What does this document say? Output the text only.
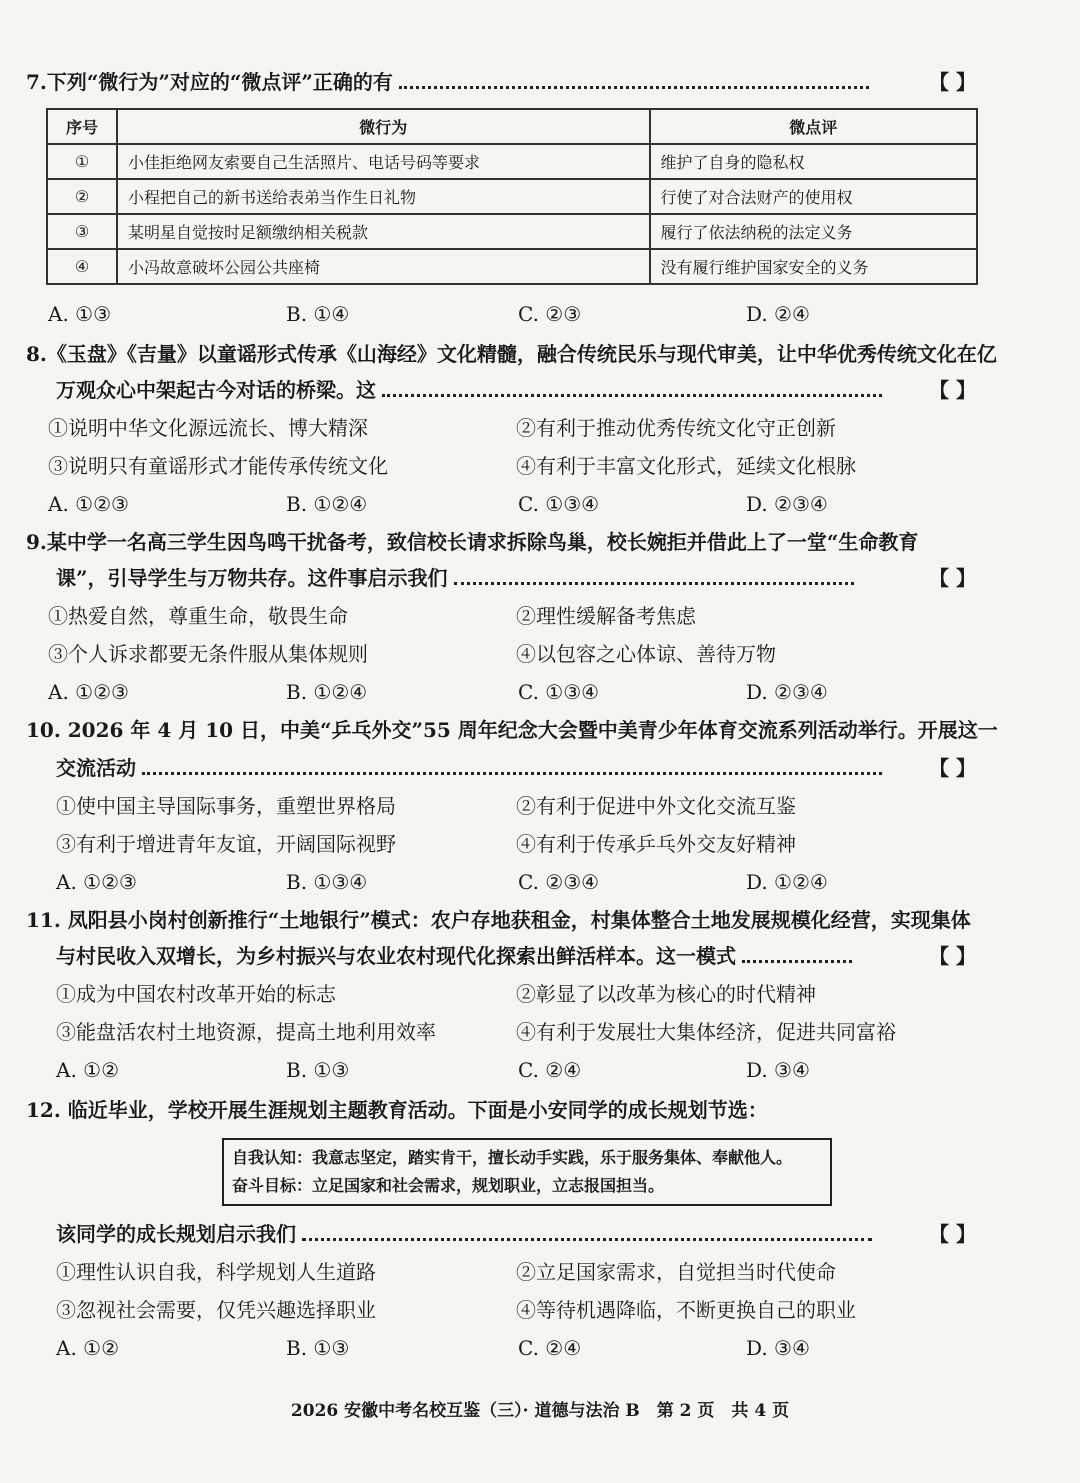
7.下列“微行为”对应的“微点评”正确的有	【 】
序号	微行为	微点评
①	小佳拒绝网友索要自己生活照片、电话号码等要求	维护了自身的隐私权
②	小程把自己的新书送给表弟当作生日礼物	行使了对合法财产的使用权
③	某明星自觉按时足额缴纳相关税款	履行了依法纳税的法定义务
④	小冯故意破坏公园公共座椅	没有履行维护国家安全的义务
A. ①③	B. ①④	C. ②③	D. ②④
8.《玉盘》《吉量》以童谣形式传承《山海经》文化精髓，融合传统民乐与现代审美，让中华优秀传统文化在亿
万观众心中架起古今对话的桥梁。这	【 】
①说明中华文化源远流长、博大精深	②有利于推动优秀传统文化守正创新
③说明只有童谣形式才能传承传统文化	④有利于丰富文化形式，延续文化根脉
A. ①②③	B. ①②④	C. ①③④	D. ②③④
9.某中学一名高三学生因鸟鸣干扰备考，致信校长请求拆除鸟巢，校长婉拒并借此上了一堂“生命教育
课”，引导学生与万物共存。这件事启示我们	【 】
①热爱自然，尊重生命，敬畏生命	②理性缓解备考焦虑
③个人诉求都要无条件服从集体规则	④以包容之心体谅、善待万物
A. ①②③	B. ①②④	C. ①③④	D. ②③④
10. 2026 年 4 月 10 日，中美“乒乓外交”55 周年纪念大会暨中美青少年体育交流系列活动举行。开展这一
交流活动	【 】
①使中国主导国际事务，重塑世界格局	②有利于促进中外文化交流互鉴
③有利于增进青年友谊，开阔国际视野	④有利于传承乒乓外交友好精神
A. ①②③	B. ①③④	C. ②③④	D. ①②④
11. 凤阳县小岗村创新推行“土地银行”模式：农户存地获租金，村集体整合土地发展规模化经营，实现集体
与村民收入双增长，为乡村振兴与农业农村现代化探索出鲜活样本。这一模式	【 】
①成为中国农村改革开始的标志	②彰显了以改革为核心的时代精神
③能盘活农村土地资源，提高土地利用效率	④有利于发展壮大集体经济，促进共同富裕
A. ①②	B. ①③	C. ②④	D. ③④
12. 临近毕业，学校开展生涯规划主题教育活动。下面是小安同学的成长规划节选：
自我认知：我意志坚定，踏实肯干，擅长动手实践，乐于服务集体、奉献他人。
奋斗目标：立足国家和社会需求，规划职业，立志报国担当。
该同学的成长规划启示我们	【 】
①理性认识自我，科学规划人生道路	②立足国家需求，自觉担当时代使命
③忽视社会需要，仅凭兴趣选择职业	④等待机遇降临，不断更换自己的职业
A. ①②	B. ①③	C. ②④	D. ③④
2026 安徽中考名校互鉴（三）· 道德与法治 B　第 2 页　共 4 页
